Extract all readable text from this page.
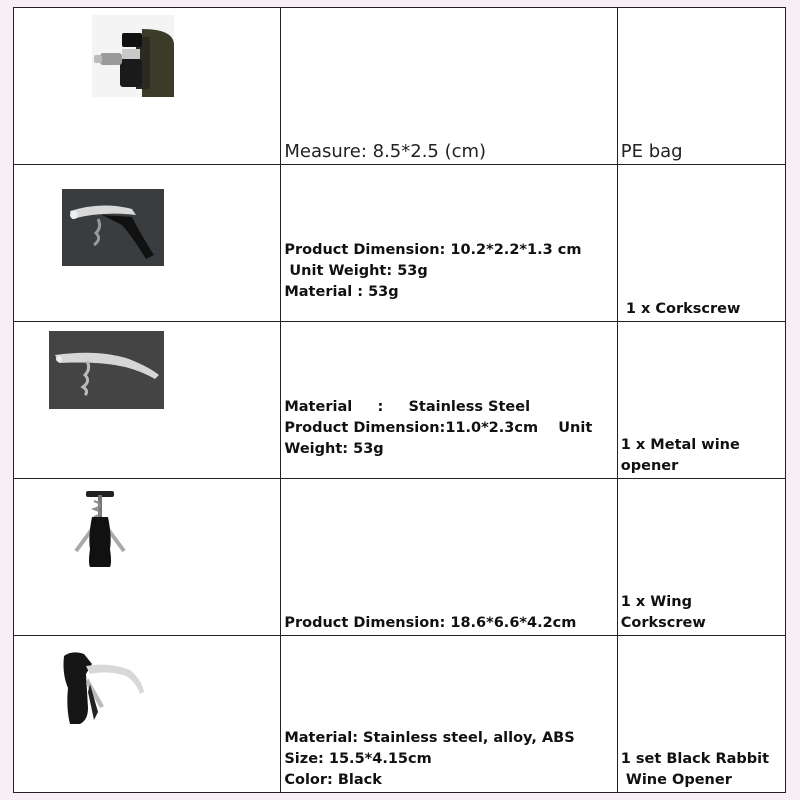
Measure: 8.5*2.5 (cm)	PE bag

Product Dimension: 10.2*2.2*1.3 cm
Unit Weight: 53g
Material : 53g	1 x Corkscrew

Material     :     Stainless Steel
Product Dimension:11.0*2.3cm    Unit
Weight: 53g	1 x Metal wine opener

Product Dimension: 18.6*6.6*4.2cm	1 x Wing Corkscrew

Material: Stainless steel, alloy, ABS
Size: 15.5*4.15cm
Color: Black	1 set Black Rabbit
Wine Opener
